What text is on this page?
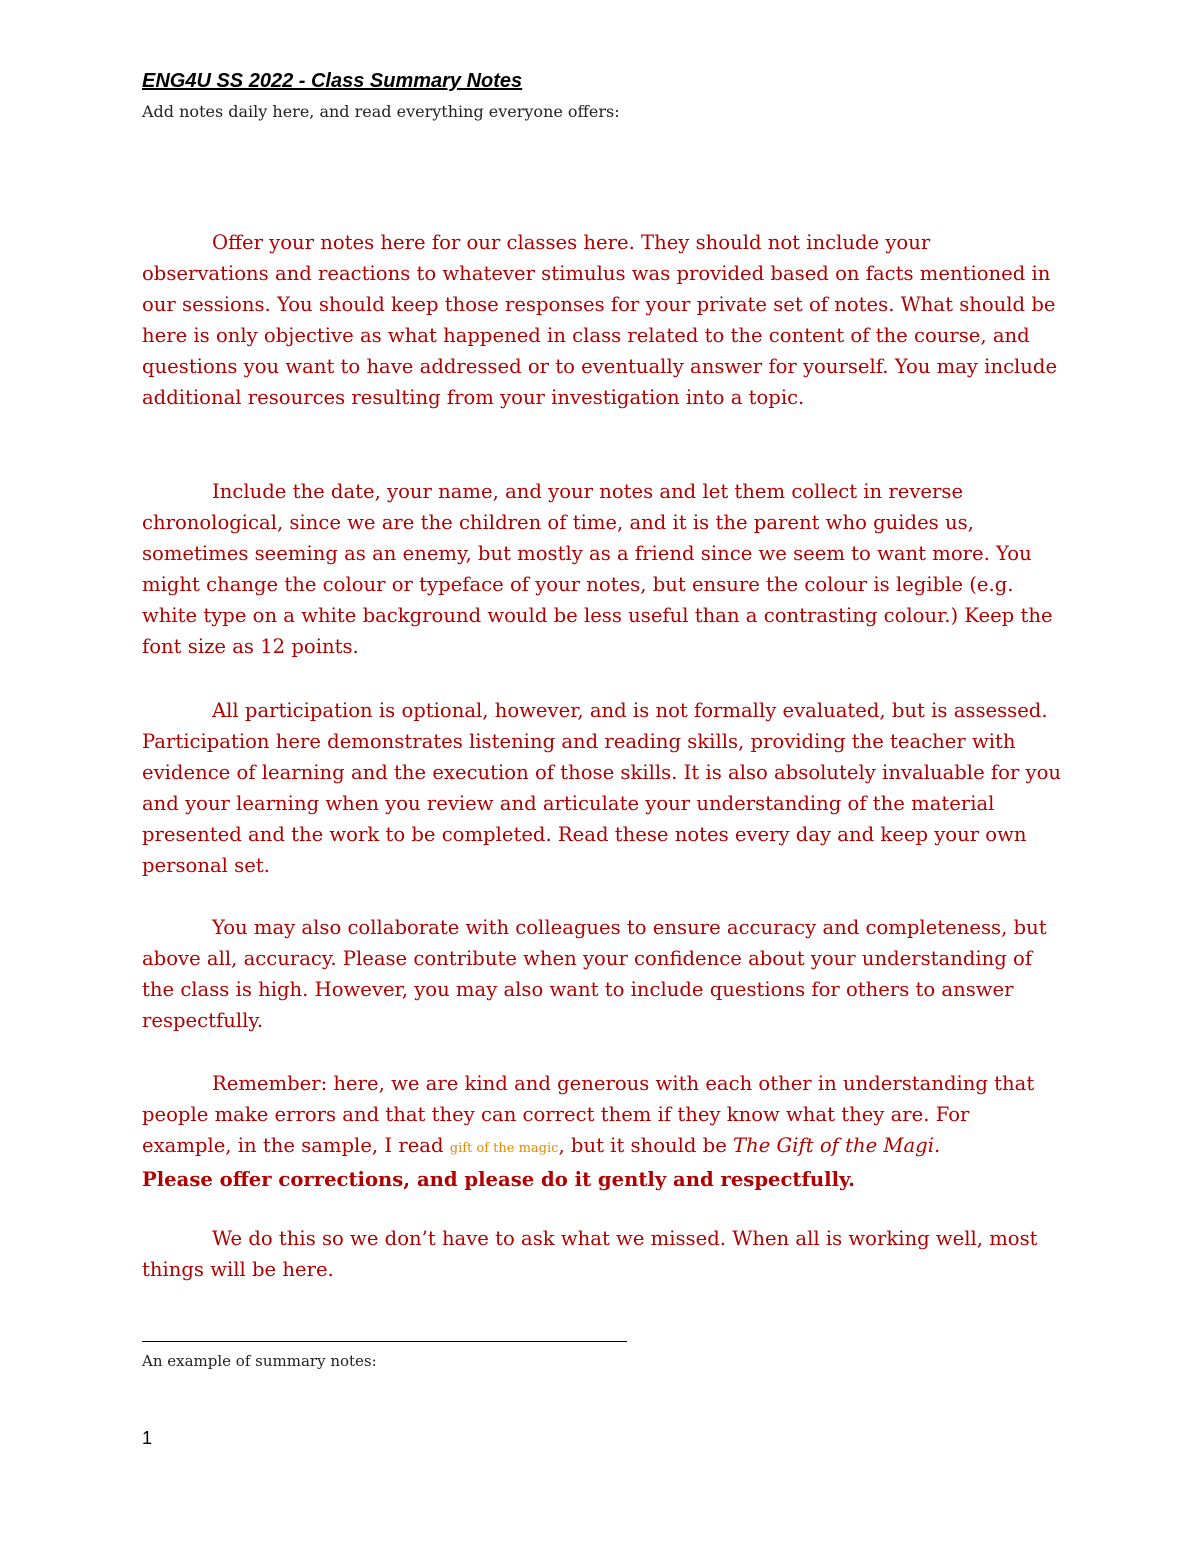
ENG4U SS 2022 - Class Summary Notes

Add notes daily here, and read everything everyone offers:

Offer your notes here for our classes here. They should not include your observations and reactions to whatever stimulus was provided based on facts mentioned in our sessions. You should keep those responses for your private set of notes. What should be here is only objective as what happened in class related to the content of the course, and questions you want to have addressed or to eventually answer for yourself. You may include additional resources resulting from your investigation into a topic.

Include the date, your name, and your notes and let them collect in reverse chronological, since we are the children of time, and it is the parent who guides us, sometimes seeming as an enemy, but mostly as a friend since we seem to want more. You might change the colour or typeface of your notes, but ensure the colour is legible (e.g. white type on a white background would be less useful than a contrasting colour.) Keep the font size as 12 points.

All participation is optional, however, and is not formally evaluated, but is assessed. Participation here demonstrates listening and reading skills, providing the teacher with evidence of learning and the execution of those skills. It is also absolutely invaluable for you and your learning when you review and articulate your understanding of the material presented and the work to be completed. Read these notes every day and keep your own personal set.

You may also collaborate with colleagues to ensure accuracy and completeness, but above all, accuracy. Please contribute when your confidence about your understanding of the class is high. However, you may also want to include questions for others to answer respectfully.

Remember: here, we are kind and generous with each other in understanding that people make errors and that they can correct them if they know what they are. For example, in the sample, I read gift of the magic, but it should be The Gift of the Magi.
Please offer corrections, and please do it gently and respectfully.

We do this so we don’t have to ask what we missed. When all is working well, most things will be here.

An example of summary notes:

1
